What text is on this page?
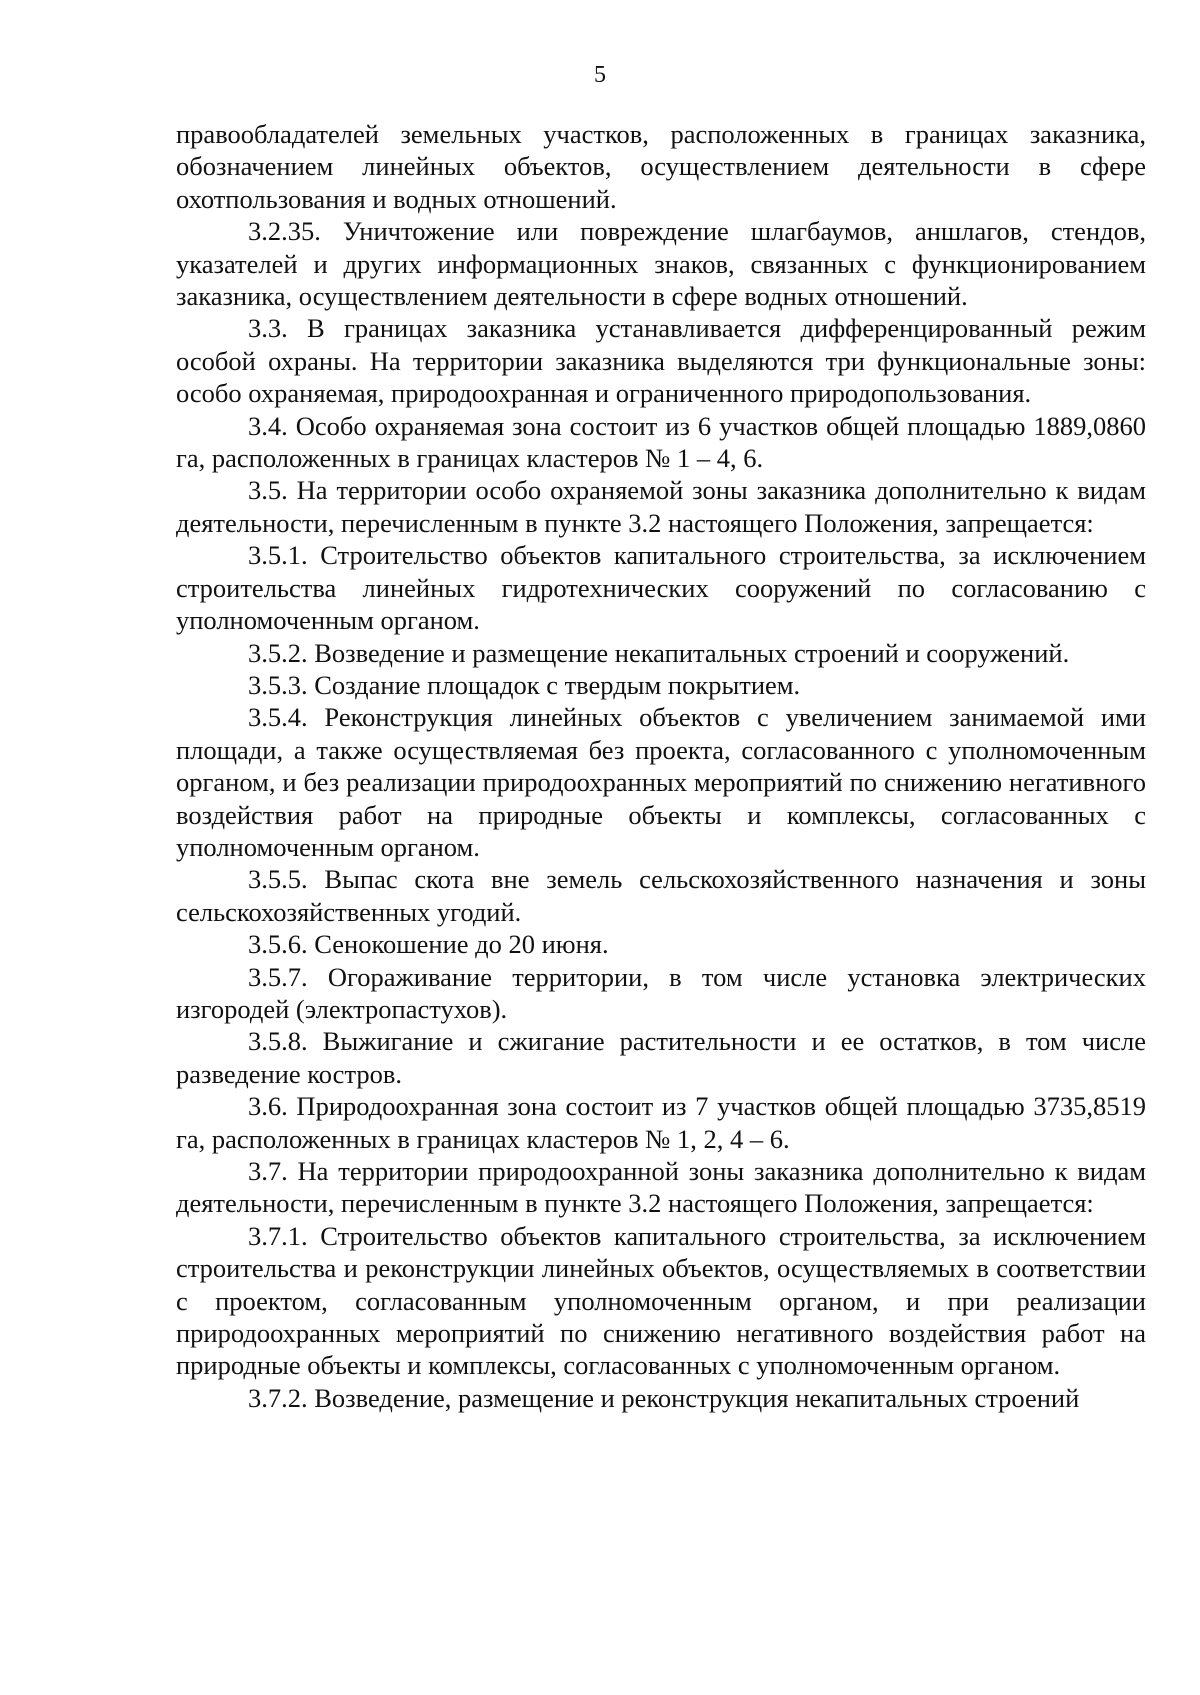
5

правообладателей земельных участков, расположенных в границах заказника, обозначением линейных объектов, осуществлением деятельности в сфере охотпользования и водных отношений.

3.2.35. Уничтожение или повреждение шлагбаумов, аншлагов, стендов, указателей и других информационных знаков, связанных с функционированием заказника, осуществлением деятельности в сфере водных отношений.

3.3. В границах заказника устанавливается дифференцированный режим особой охраны. На территории заказника выделяются три функциональные зоны: особо охраняемая, природоохранная и ограниченного природопользования.

3.4. Особо охраняемая зона состоит из 6 участков общей площадью 1889,0860 га, расположенных в границах кластеров № 1 – 4, 6.

3.5. На территории особо охраняемой зоны заказника дополнительно к видам деятельности, перечисленным в пункте 3.2 настоящего Положения, запрещается:

3.5.1. Строительство объектов капитального строительства, за исключением строительства линейных гидротехнических сооружений по согласованию с уполномоченным органом.

3.5.2. Возведение и размещение некапитальных строений и сооружений.

3.5.3. Создание площадок с твердым покрытием.

3.5.4. Реконструкция линейных объектов с увеличением занимаемой ими площади, а также осуществляемая без проекта, согласованного с уполномоченным органом, и без реализации природоохранных мероприятий по снижению негативного воздействия работ на природные объекты и комплексы, согласованных с уполномоченным органом.

3.5.5. Выпас скота вне земель сельскохозяйственного назначения и зоны сельскохозяйственных угодий.

3.5.6. Сенокошение до 20 июня.

3.5.7. Огораживание территории, в том числе установка электрических изгородей (электропастухов).

3.5.8. Выжигание и сжигание растительности и ее остатков, в том числе разведение костров.

3.6. Природоохранная зона состоит из 7 участков общей площадью 3735,8519 га, расположенных в границах кластеров № 1, 2, 4 – 6.

3.7. На территории природоохранной зоны заказника дополнительно к видам деятельности, перечисленным в пункте 3.2 настоящего Положения, запрещается:

3.7.1. Строительство объектов капитального строительства, за исключением строительства и реконструкции линейных объектов, осуществляемых в соответствии с проектом, согласованным уполномоченным органом, и при реализации природоохранных мероприятий по снижению негативного воздействия работ на природные объекты и комплексы, согласованных с уполномоченным органом.

3.7.2. Возведение, размещение и реконструкция некапитальных строений
